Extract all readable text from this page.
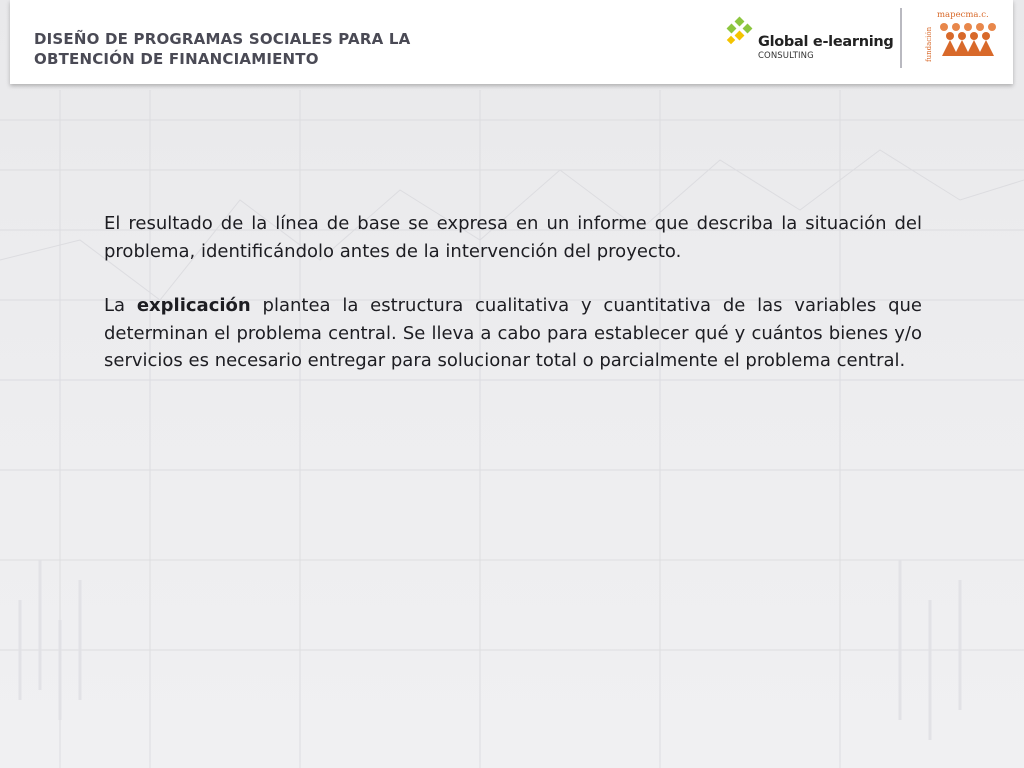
DISEÑO DE PROGRAMAS SOCIALES PARA LA
OBTENCIÓN DE FINANCIAMIENTO
Global e-learning
CONSULTING	fundación
mapecma.c.

El resultado de la línea de base se expresa en un informe que describa la situación del problema, identificándolo antes de la intervención del proyecto.

La explicación plantea la estructura cualitativa y cuantitativa de las variables que determinan el problema central. Se lleva a cabo para establecer qué y cuántos bienes y/o servicios es necesario entregar para solucionar total o parcialmente el problema central.
